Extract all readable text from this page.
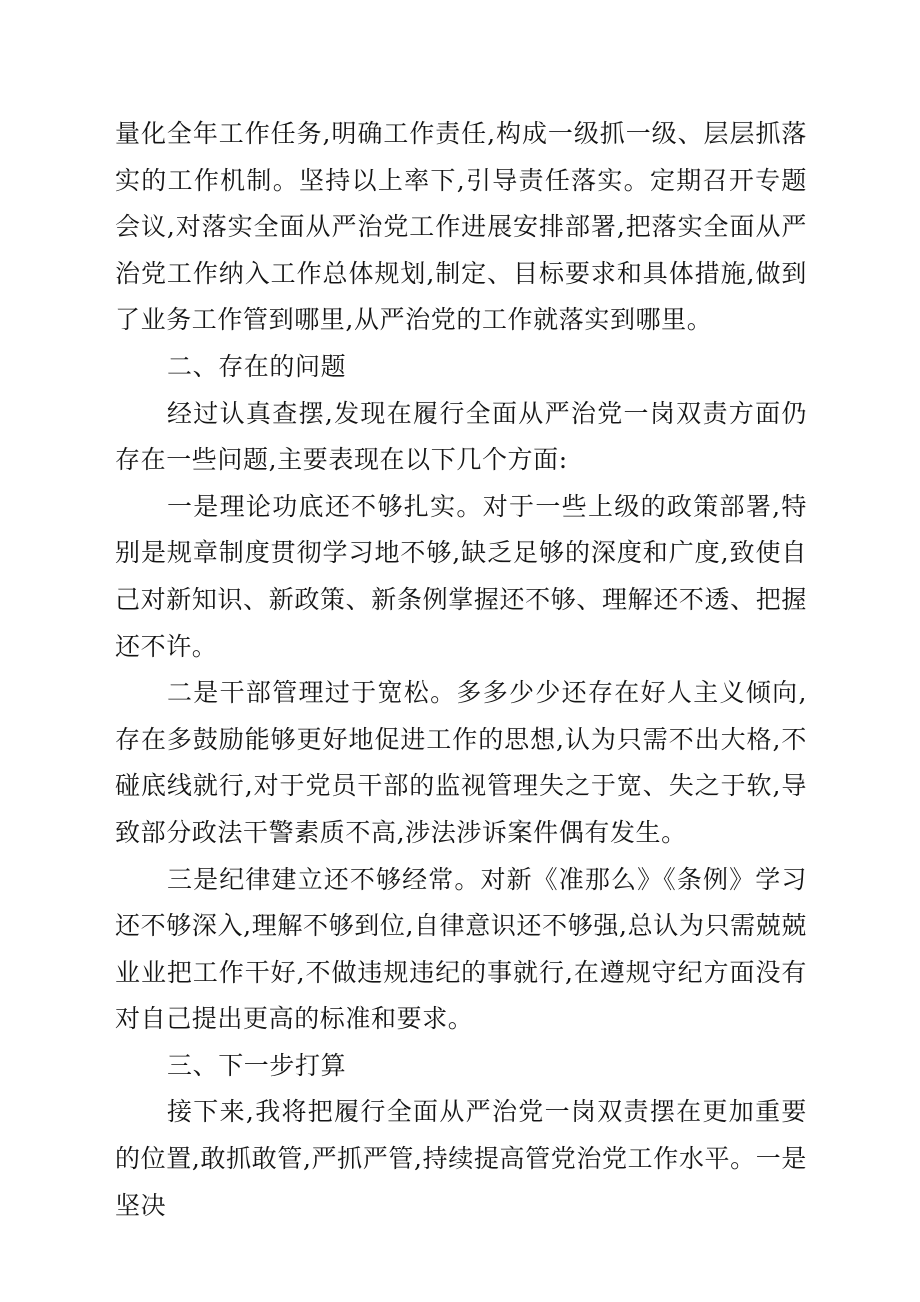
量化全年工作任务,明确工作责任,构成一级抓一级、层层抓落实的工作机制。坚持以上率下,引导责任落实。定期召开专题会议,对落实全面从严治党工作进展安排部署,把落实全面从严治党工作纳入工作总体规划,制定、目标要求和具体措施,做到了业务工作管到哪里,从严治党的工作就落实到哪里。

二、存在的问题

经过认真查摆,发现在履行全面从严治党一岗双责方面仍存在一些问题,主要表现在以下几个方面:

一是理论功底还不够扎实。对于一些上级的政策部署,特别是规章制度贯彻学习地不够,缺乏足够的深度和广度,致使自己对新知识、新政策、新条例掌握还不够、理解还不透、把握还不许。

二是干部管理过于宽松。多多少少还存在好人主义倾向,存在多鼓励能够更好地促进工作的思想,认为只需不出大格,不碰底线就行,对于党员干部的监视管理失之于宽、失之于软,导致部分政法干警素质不高,涉法涉诉案件偶有发生。

三是纪律建立还不够经常。对新《准那么》《条例》学习还不够深入,理解不够到位,自律意识还不够强,总认为只需兢兢业业把工作干好,不做违规违纪的事就行,在遵规守纪方面没有对自己提出更高的标准和要求。

三、下一步打算

接下来,我将把履行全面从严治党一岗双责摆在更加重要的位置,敢抓敢管,严抓严管,持续提高管党治党工作水平。一是坚决
